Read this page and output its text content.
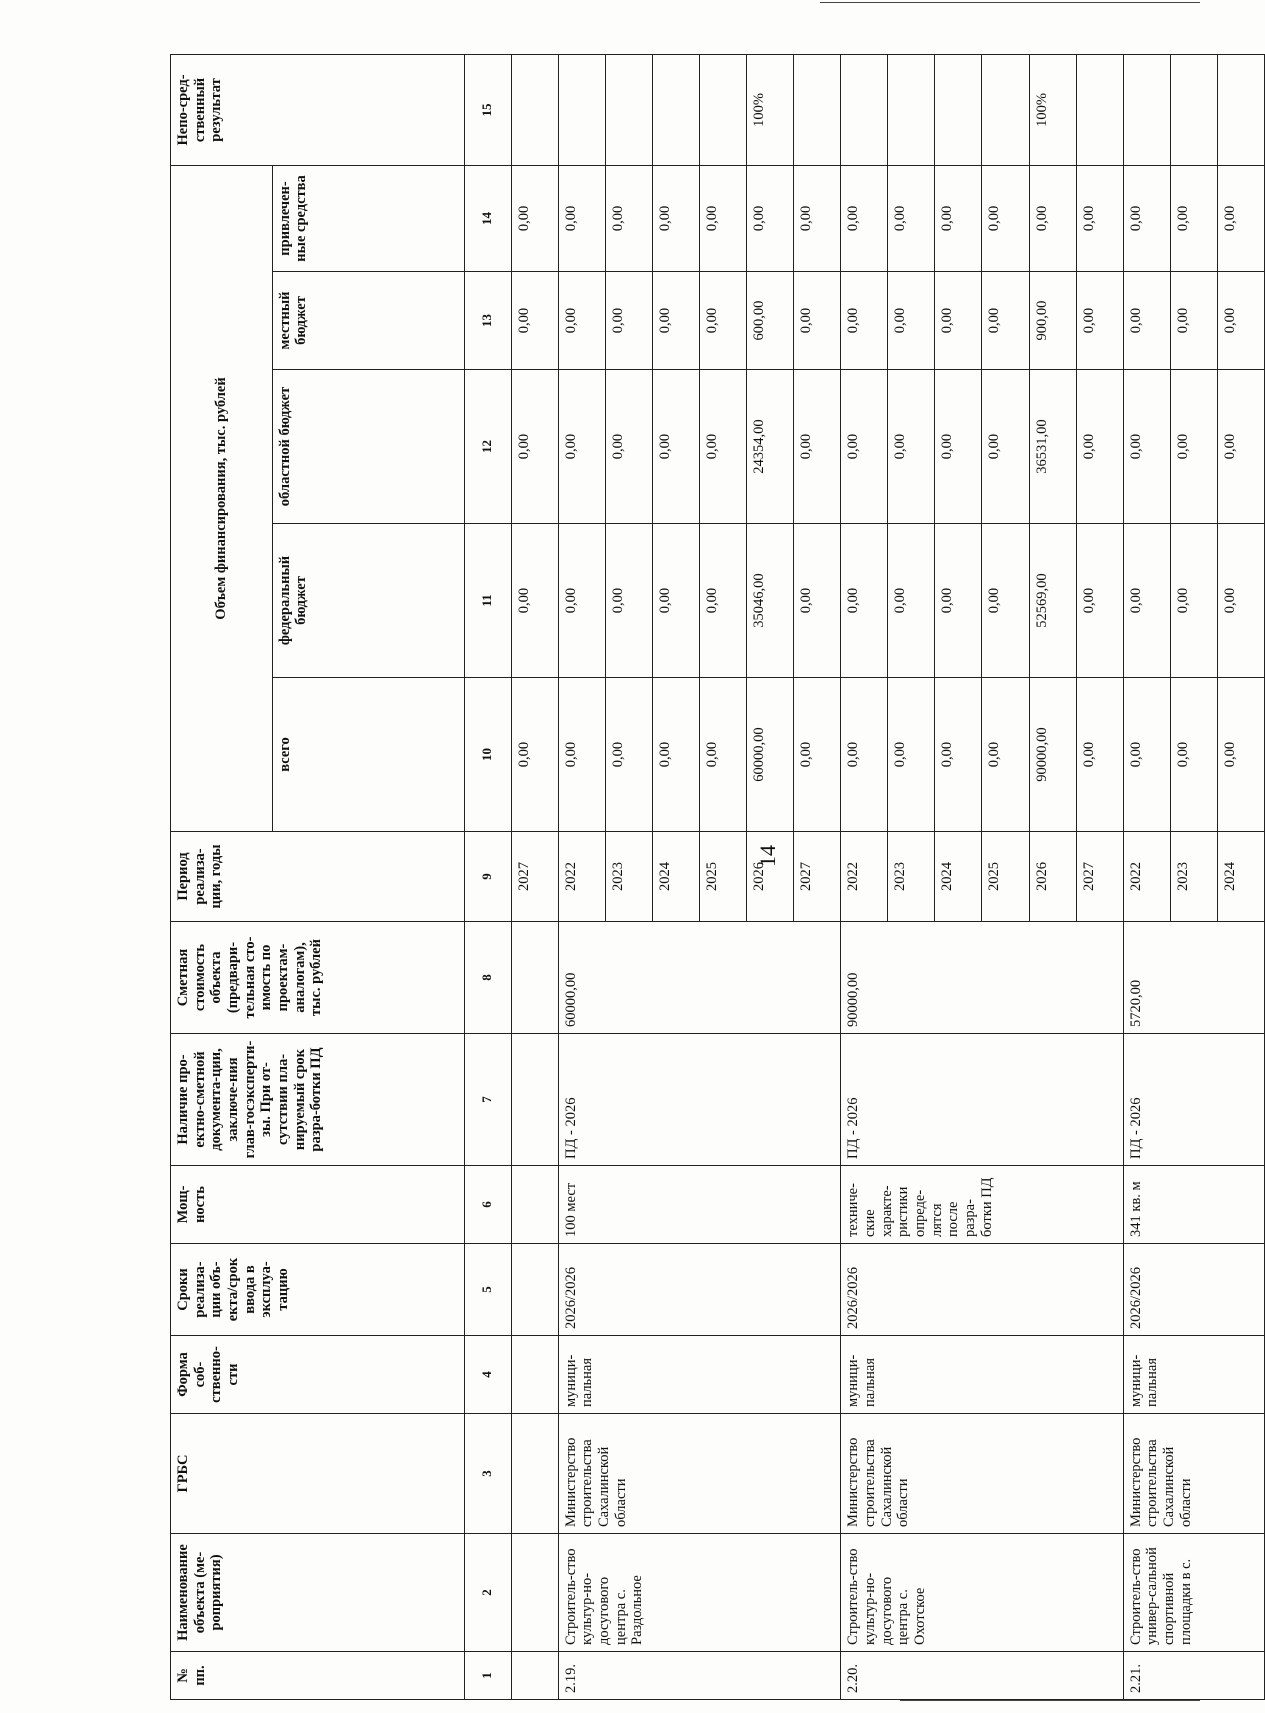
14
№ пп.	Наименование объекта (ме-роприятия)	ГРБС	Форма соб-ственно-сти	Сроки реализа-ции объ-екта/срок ввода в эксплуа-тацию	Мощ-ность	Наличие про-ектно-сметной документа-ции, заключе-ния глав-госэксперти-зы. При от-сутствии пла-нируемый срок разра-ботки ПД	Сметная стоимость объекта (предвари-тельная сто-имость по проектам-аналогам), тыс. рублей	Период реализа-ции, годы	Объем финансирования, тыс. рублей					Непо-сред-ственный результат
									всего	федеральный бюджет	областной бюджет	местный бюджет	привлечен-ные средства	
1	2	3	4	5	6	7	8	9	10	11	12	13	14	15
								2027	0,00	0,00	0,00	0,00	0,00	
2.19.	Строитель-ство культур-но-досугового центра с. Раздольное	Министерство строительства Сахалинской области	муници-пальная	2026/2026	100 мест	ПД - 2026	60000,00	2022	0,00	0,00	0,00	0,00	0,00	
								2023	0,00	0,00	0,00	0,00	0,00	
								2024	0,00	0,00	0,00	0,00	0,00	
								2025	0,00	0,00	0,00	0,00	0,00	
								2026	60000,00	35046,00	24354,00	600,00	0,00	100%
								2027	0,00	0,00	0,00	0,00	0,00	
2.20.	Строитель-ство культур-но-досугового центра с. Охотское	Министерство строительства Сахалинской области	муници-пальная	2026/2026	техниче-ские характе-ристики опреде-лятся после разра-ботки ПД	ПД - 2026	90000,00	2022	0,00	0,00	0,00	0,00	0,00	
								2023	0,00	0,00	0,00	0,00	0,00	
								2024	0,00	0,00	0,00	0,00	0,00	
								2025	0,00	0,00	0,00	0,00	0,00	
								2026	90000,00	52569,00	36531,00	900,00	0,00	100%
								2027	0,00	0,00	0,00	0,00	0,00	
2.21.	Строитель-ство универ-сальной спортивной площадки в с.	Министерство строительства Сахалинской области	муници-пальная	2026/2026	341 кв. м	ПД - 2026	5720,00	2022	0,00	0,00	0,00	0,00	0,00	
								2023	0,00	0,00	0,00	0,00	0,00	
								2024	0,00	0,00	0,00	0,00	0,00	
